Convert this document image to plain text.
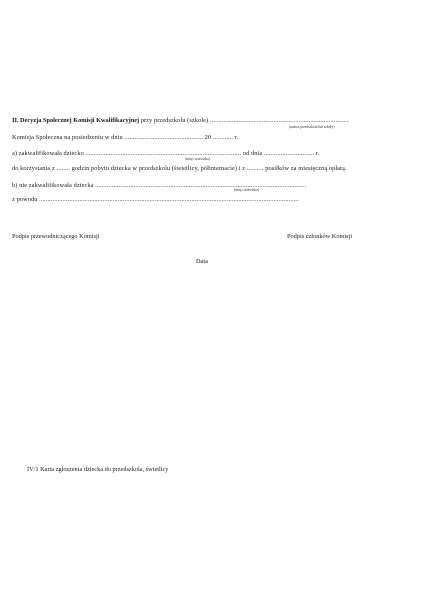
II. Decyzja Społecznej Komisji Kwalifikacyjnej przy przedszkolu (szkole) ...................................................................................
(nazwa przedszkola lub szkoły)
Komisja Społeczna na posiedzeniu w dniu ............................................... 20 ............ r.
a) zakwalifikowała dziecko ............................................................................................. od dnia .............................. r.
(imię i nazwisko)
do korzystania z ........ godzin pobytu dziecka w przedszkolu (świetlicy, półinternacie) i z .......... posiłków za miesięczną opłatą.
b) nie zakwalifikowała dziecka ..............................................................................................................................
(imię i nazwisko)
z powodu ...........................................................................................................................................................
Podpis przewodniczącego Komisji	Podpis członków Komisji
Data
IV/1 Karta zgłoszenia dziecka do przedszkola, świetlicy
